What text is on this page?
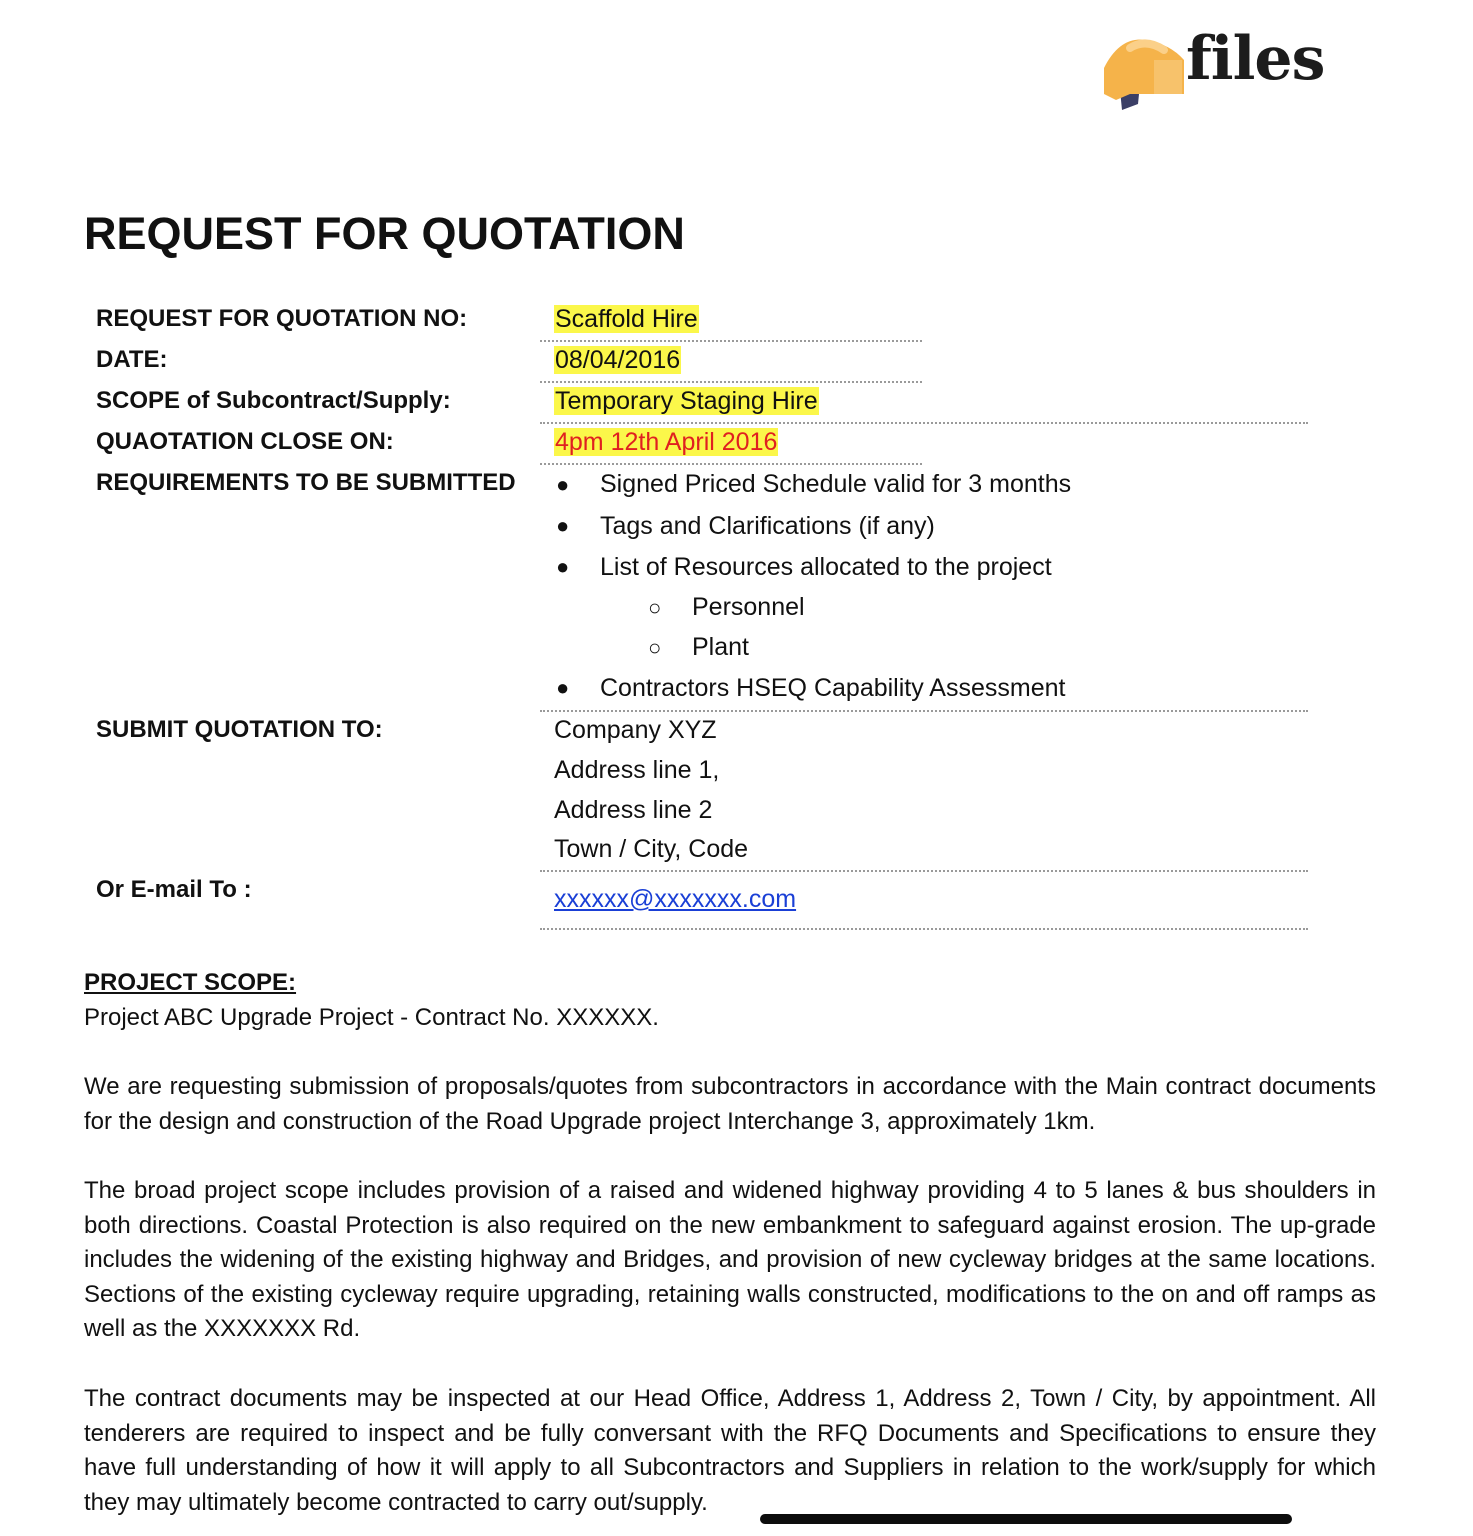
files
REQUEST FOR QUOTATION
REQUEST FOR QUOTATION NO:	Scaffold Hire
DATE:	08/04/2016
SCOPE of Subcontract/Supply:	Temporary Staging Hire
QUAOTATION CLOSE ON:	4pm 12th April 2016
REQUIREMENTS TO BE SUBMITTED ● Signed Priced Schedule valid for 3 months
● Tags and Clarifications (if any)
● List of Resources allocated to the project
○ Personnel
○ Plant
● Contractors HSEQ Capability Assessment
SUBMIT QUOTATION TO:	Company XYZ
Address line 1,
Address line 2
Town / City, Code
Or E-mail To :	xxxxxx@xxxxxxx.com
PROJECT SCOPE:

Project ABC Upgrade Project - Contract No. XXXXXX.

We are requesting submission of proposals/quotes from subcontractors in accordance with the Main contract documents for the design and construction of the Road Upgrade project Interchange 3, approximately 1km.

The broad project scope includes provision of a raised and widened highway providing 4 to 5 lanes & bus shoulders in both directions. Coastal Protection is also required on the new embankment to safeguard against erosion. The up-grade includes the widening of the existing highway and Bridges, and provision of new cycleway bridges at the same locations. Sections of the existing cycleway require upgrading, retaining walls constructed, modifications to the on and off ramps as well as the XXXXXXX Rd.

The contract documents may be inspected at our Head Office, Address 1, Address 2, Town / City, by appointment. All tenderers are required to inspect and be fully conversant with the RFQ Documents and Specifications to ensure they have full understanding of how it will apply to all Subcontractors and Suppliers in relation to the work/supply for which they may ultimately become contracted to carry out/supply.
